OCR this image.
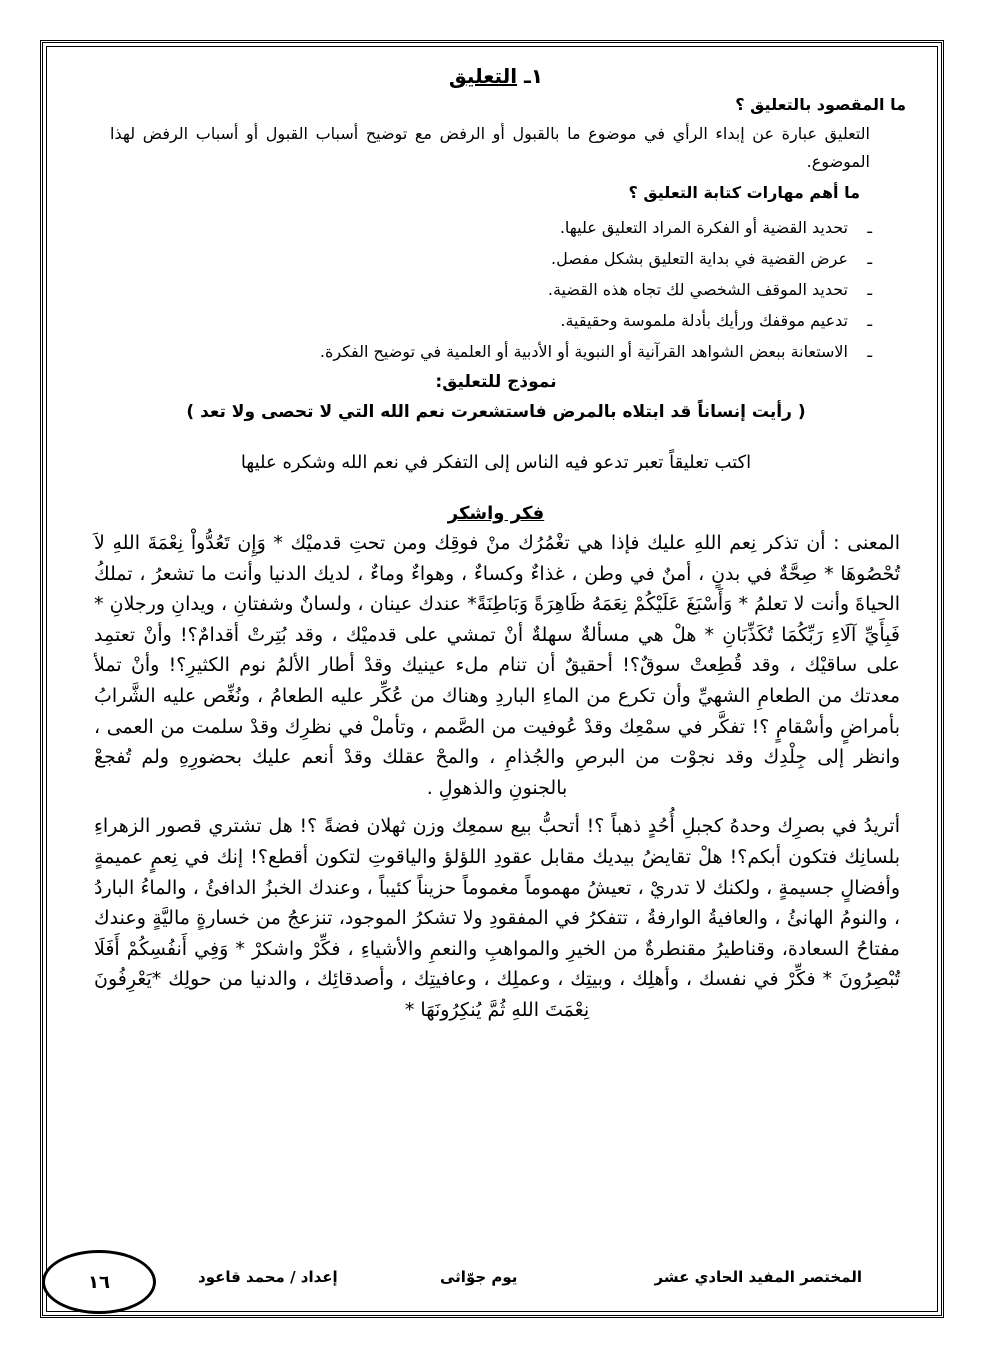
١ـ التعليق
ما المقصود بالتعليق ؟
التعليق عبارة عن إبداء الرأي في موضوع ما بالقبول أو الرفض مع توضيح أسباب القبول أو أسباب الرفض لهذا الموضوع.
ما أهم مهارات كتابة التعليق ؟
ـ
تحديد القضية أو الفكرة المراد التعليق عليها.
ـ
عرض القضية في بداية التعليق بشكل مفصل.
ـ
تحديد الموقف الشخصي لك تجاه هذه القضية.
ـ
تدعيم موقفك ورأيك بأدلة ملموسة وحقيقية.
ـ
الاستعانة ببعض الشواهد القرآنية أو النبوية أو الأدبية أو العلمية في توضيح الفكرة.
نموذج للتعليق:
( رأيت إنساناً قد ابتلاه بالمرض فاستشعرت نعم الله التي لا تحصى ولا تعد )
اكتب تعليقاً تعبر تدعو فيه الناس إلى التفكر في نعم الله وشكره عليها
فكر واشكر

المعنى : أن تذكر نِعم اللهِ عليك فإذا هي تغْمُرُك منْ فوقِك ومن تحتِ قدميْك * وَإِن تَعُدُّواْ نِعْمَةَ اللهِ لاَ تُحْصُوهَا * صِحَّةٌ في بدنٍ ، أمنٌ في وطن ، غذاءٌ وكساءٌ ، وهواءٌ وماءٌ ، لديك الدنيا وأنت ما تشعرُ ، تملكُ الحياةَ وأنت لا تعلمُ * وَأَسْبَغَ عَلَيْكُمْ نِعَمَهُ ظَاهِرَةً وَبَاطِنَةً* عندك عينان ، ولسانٌ وشفتانِ ، ويدانِ ورجلانِ * فَبِأَيِّ آلَاءِ رَبِّكُمَا تُكَذِّبَانِ * هلْ هي مسألةٌ سهلةٌ أنْ تمشي على قدميْك ، وقد بُتِرتْ أقدامٌ؟! وأنْ تعتمِد على ساقيْك ، وقد قُطِعتْ سوقٌ؟! أحقيقٌ أن تنام ملء عينيك وقدْ أطار الألمُ نوم الكثيرِ؟! وأنْ تملأ معدتك من الطعامِ الشهيِّ وأن تكرع من الماءِ الباردِ وهناك من عُكِّر عليه الطعامُ ، ونُغِّص عليه الشَّرابُ بأمراضٍ وأسْقامٍ ؟! تفكَّر في سمْعِك وقدْ عُوفيت من الصَّمم ، وتأملْ في نظرِك وقدْ سلمت من العمى ، وانظر إلى جِلْدِك وقد نجوْت من البرصِ والجُذامِ ، والمحْ عقلك وقدْ أنعم عليك بحضورِهِ ولم تُفجعْ بالجنونِ والذهولِ .

أتريدُ في بصرِك وحدهُ كجبلِ أُحُدٍ ذهباً ؟! أتحبُّ بيع سمعِك وزن ثهلان فضةً ؟! هل تشتري قصور الزهراءِ بلسانِك فتكون أبكم؟! هلْ تقايضُ بيديك مقابل عقودِ اللؤلؤ والياقوتِ لتكون أقطع؟! إنك في نِعمٍ عميمةٍ وأفضالٍ جسيمةٍ ، ولكنك لا تدريْ ، تعيشُ مهموماً مغموماً حزيناً كئيباً ، وعندك الخبزُ الدافئُ ، والماءُ الباردُ ، والنومُ الهانئُ ، والعافيةُ الوارفةُ ، تتفكرُ في المفقودِ ولا تشكرُ الموجود، تنزعجُ من خسارةٍ ماليَّةٍ وعندك مفتاحُ السعادة، وقناطيرُ مقنطرةٌ من الخيرِ والمواهبِ والنعمِ والأشياءِ ، فكِّرْ واشكرْ * وَفِي أَنفُسِكُمْ أَفَلَا تُبْصِرُونَ * فكِّرْ في نفسك ، وأهلِك ، وبيتِك ، وعملِك ، وعافيتِك ، وأصدقائِك ، والدنيا من حولِك *يَعْرِفُونَ نِعْمَتَ اللهِ ثُمَّ يُنكِرُونَهَا *

المختصر المفيد الحادي عشر
يوم جوّاثى
إعداد / محمد قاعود
١٦
